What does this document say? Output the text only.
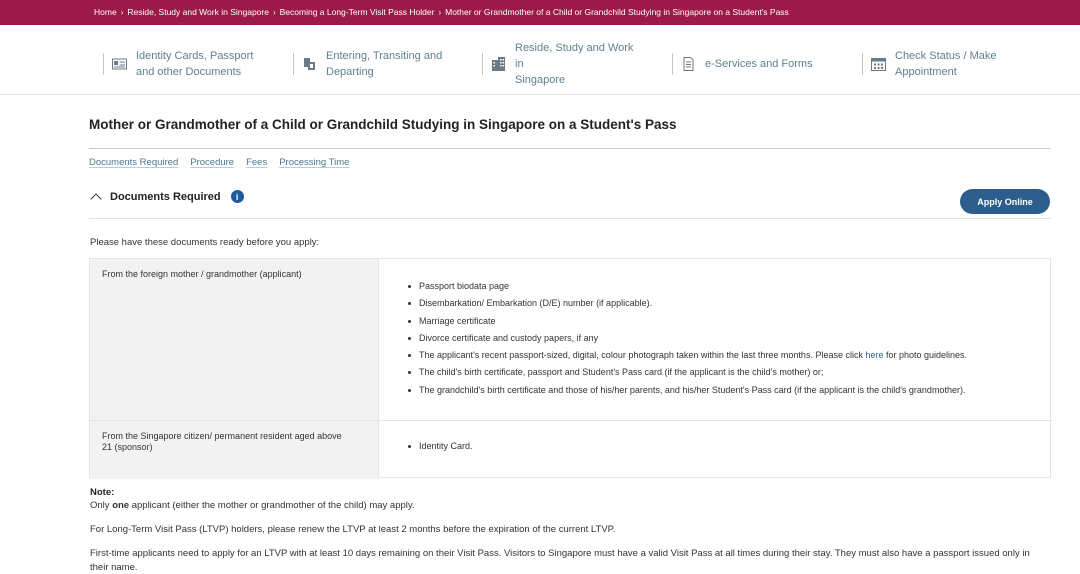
Home › Reside, Study and Work in Singapore › Becoming a Long-Term Visit Pass Holder › Mother or Grandmother of a Child or Grandchild Studying in Singapore on a Student's Pass
Identity Cards, Passport
and other Documents
Entering, Transiting and
Departing
Reside, Study and Work in
Singapore
e-Services and Forms
Check Status / Make
Appointment
Mother or Grandmother of a Child or Grandchild Studying in Singapore on a Student's Pass
Documents Required Procedure Fees Processing Time
Documents Required	i	Apply Online
Please have these documents ready before you apply:
From the foreign mother / grandmother (applicant)
Passport biodata page
Disembarkation/ Embarkation (D/E) number (if applicable).
Marriage certificate
Divorce certificate and custody papers, if any
The applicant's recent passport-sized, digital, colour photograph taken within the last three months. Please click here for photo guidelines.
The child's birth certificate, passport and Student's Pass card (if the applicant is the child's mother) or;
The grandchild's birth certificate and those of his/her parents, and his/her Student's Pass card (if the applicant is the child's grandmother).
From the Singapore citizen/ permanent resident aged above
21 (sponsor)	Identity Card.
Note:
Only one applicant (either the mother or grandmother of the child) may apply.
For Long-Term Visit Pass (LTVP) holders, please renew the LTVP at least 2 months before the expiration of the current LTVP.
First-time applicants need to apply for an LTVP with at least 10 days remaining on their Visit Pass. Visitors to Singapore must have a valid Visit Pass at all times during their stay. They must also have a passport issued only in their name.
